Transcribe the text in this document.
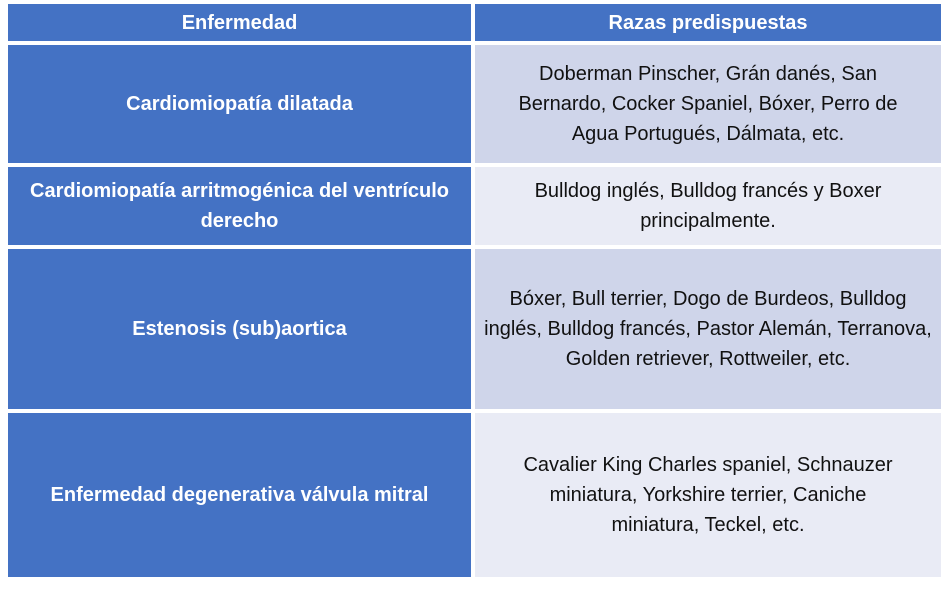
Enfermedad	Razas predispuestas
Cardiomiopatía dilatada
Doberman Pinscher, Grán danés, San Bernardo, Cocker Spaniel, Bóxer, Perro de Agua Portugués, Dálmata, etc.
Cardiomiopatía arritmogénica del ventrículo derecho
Bulldog inglés, Bulldog francés y Boxer principalmente.
Estenosis (sub)aortica
Bóxer, Bull terrier, Dogo de Burdeos, Bulldog inglés, Bulldog francés, Pastor Alemán, Terranova, Golden retriever, Rottweiler, etc.
Enfermedad degenerativa válvula mitral
Cavalier King Charles spaniel, Schnauzer miniatura, Yorkshire terrier, Caniche miniatura, Teckel, etc.
